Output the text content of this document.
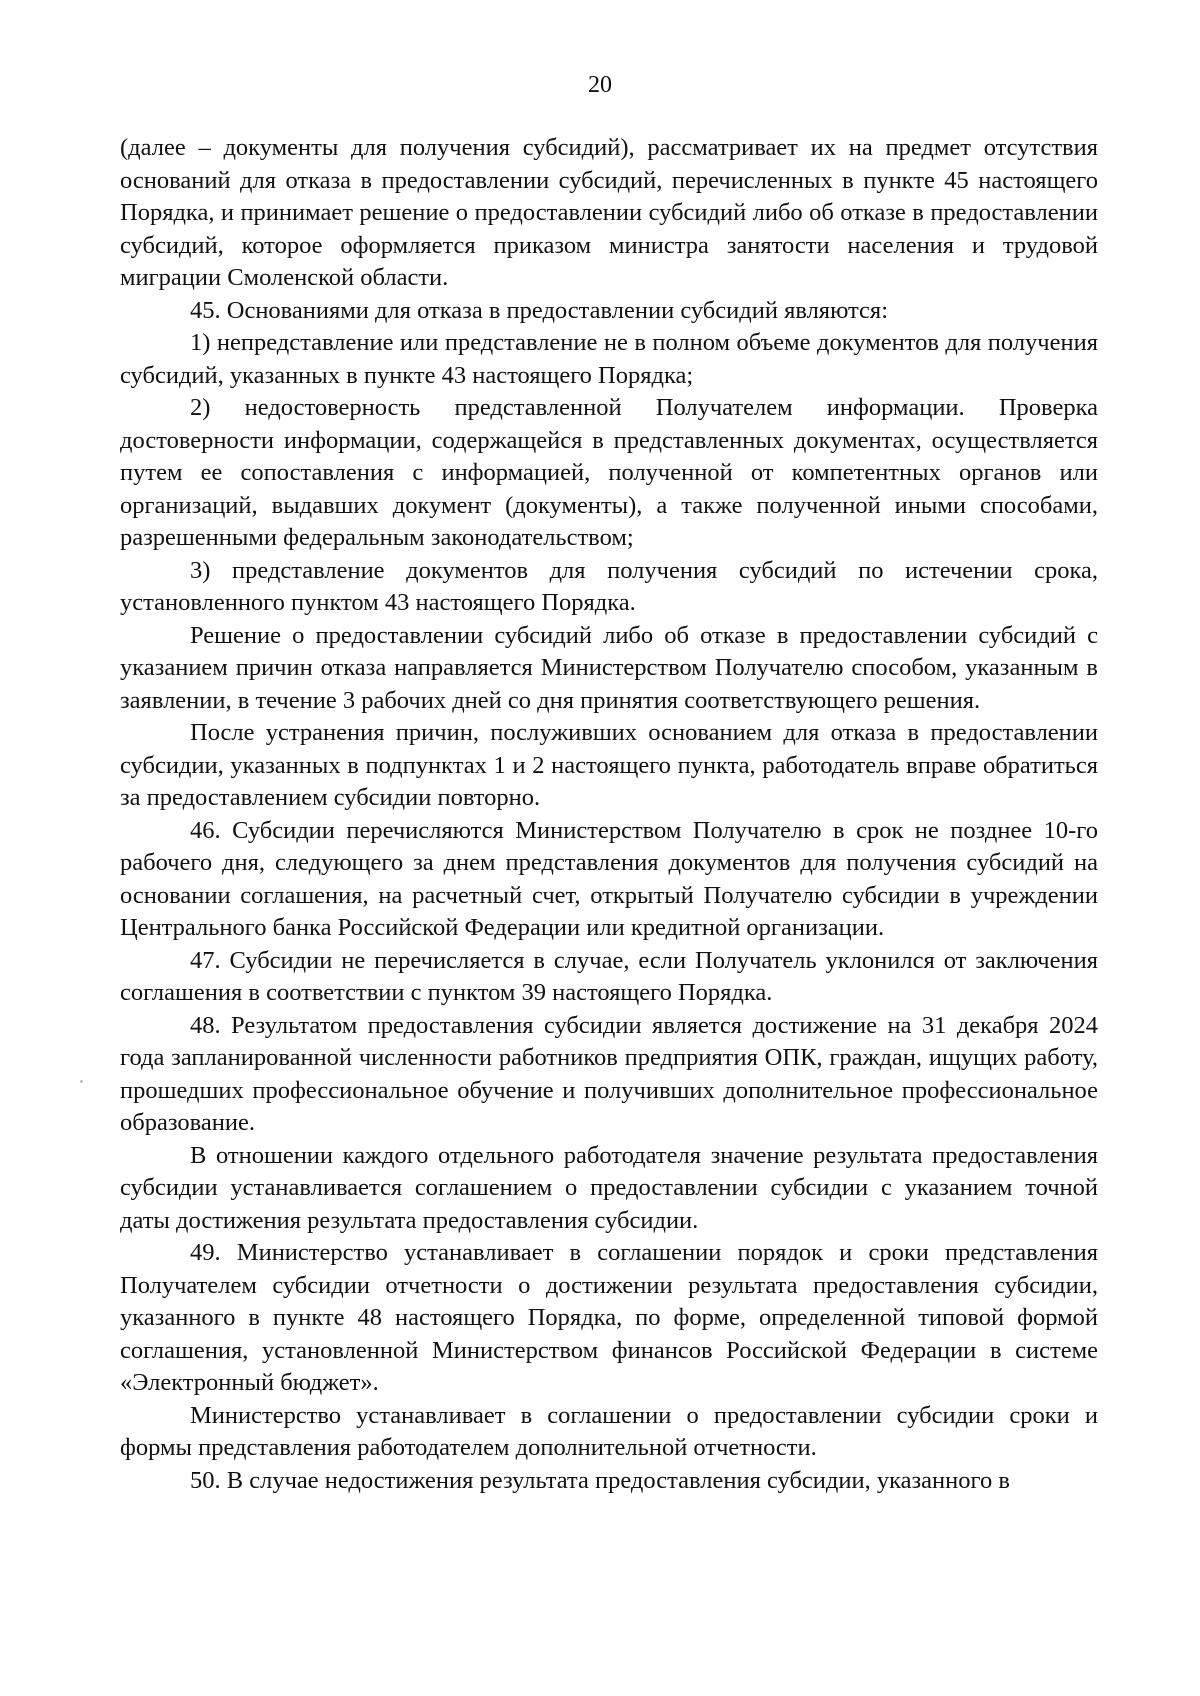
20

(далее – документы для получения субсидий), рассматривает их на предмет отсутствия оснований для отказа в предоставлении субсидий, перечисленных в пункте 45 настоящего Порядка, и принимает решение о предоставлении субсидий либо об отказе в предоставлении субсидий, которое оформляется приказом министра занятости населения и трудовой миграции Смоленской области.

45. Основаниями для отказа в предоставлении субсидий являются:

1) непредставление или представление не в полном объеме документов для получения субсидий, указанных в пункте 43 настоящего Порядка;

2) недостоверность представленной Получателем информации. Проверка достоверности информации, содержащейся в представленных документах, осуществляется путем ее сопоставления с информацией, полученной от компетентных органов или организаций, выдавших документ (документы), а также полученной иными способами, разрешенными федеральным законодательством;

3) представление документов для получения субсидий по истечении срока, установленного пунктом 43 настоящего Порядка.

Решение о предоставлении субсидий либо об отказе в предоставлении субсидий с указанием причин отказа направляется Министерством Получателю способом, указанным в заявлении, в течение 3 рабочих дней со дня принятия соответствующего решения.

После устранения причин, послуживших основанием для отказа в предоставлении субсидии, указанных в подпунктах 1 и 2 настоящего пункта, работодатель вправе обратиться за предоставлением субсидии повторно.

46. Субсидии перечисляются Министерством Получателю в срок не позднее 10-го рабочего дня, следующего за днем представления документов для получения субсидий на основании соглашения, на расчетный счет, открытый Получателю субсидии в учреждении Центрального банка Российской Федерации или кредитной организации.

47. Субсидии не перечисляется в случае, если Получатель уклонился от заключения соглашения в соответствии с пунктом 39 настоящего Порядка.

48. Результатом предоставления субсидии является достижение на 31 декабря 2024 года запланированной численности работников предприятия ОПК, граждан, ищущих работу, прошедших профессиональное обучение и получивших дополнительное профессиональное образование.

В отношении каждого отдельного работодателя значение результата предоставления субсидии устанавливается соглашением о предоставлении субсидии с указанием точной даты достижения результата предоставления субсидии.

49. Министерство устанавливает в соглашении порядок и сроки представления Получателем субсидии отчетности о достижении результата предоставления субсидии, указанного в пункте 48 настоящего Порядка, по форме, определенной типовой формой соглашения, установленной Министерством финансов Российской Федерации в системе «Электронный бюджет».

Министерство устанавливает в соглашении о предоставлении субсидии сроки и формы представления работодателем дополнительной отчетности.

50. В случае недостижения результата предоставления субсидии, указанного в
